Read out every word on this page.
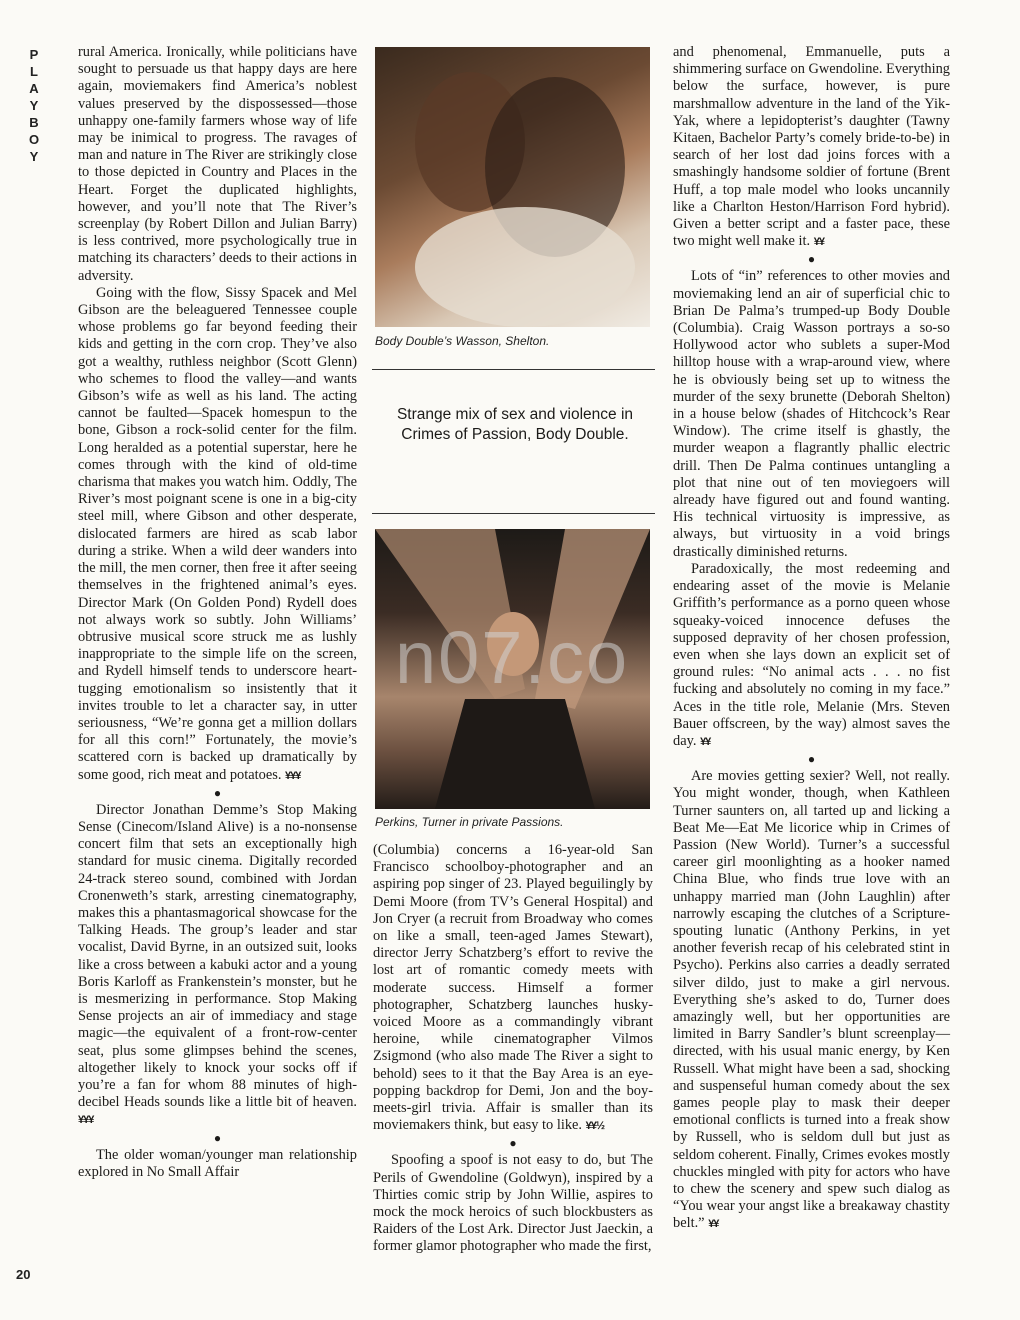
P
L
A
Y
B
O
Y

rural America. Ironically, while politicians have sought to persuade us that happy days are here again, moviemakers find America’s noblest values preserved by the dispossessed—those unhappy one-family farmers whose way of life may be inimical to progress. The ravages of man and nature in The River are strikingly close to those depicted in Country and Places in the Heart. Forget the duplicated highlights, however, and you’ll note that The River’s screenplay (by Robert Dillon and Julian Barry) is less contrived, more psychologically true in matching its characters’ deeds to their actions in adversity.

Going with the flow, Sissy Spacek and Mel Gibson are the beleaguered Tennessee couple whose problems go far beyond feeding their kids and getting in the corn crop. They’ve also got a wealthy, ruthless neighbor (Scott Glenn) who schemes to flood the valley—and wants Gibson’s wife as well as his land. The acting cannot be faulted—Spacek homespun to the bone, Gibson a rock-solid center for the film. Long heralded as a potential superstar, here he comes through with the kind of old-time charisma that makes you watch him. Oddly, The River’s most poignant scene is one in a big-city steel mill, where Gibson and other desperate, dislocated farmers are hired as scab labor during a strike. When a wild deer wanders into the mill, the men corner, then free it after seeing themselves in the frightened animal’s eyes. Director Mark (On Golden Pond) Rydell does not always work so subtly. John Williams’ obtrusive musical score struck me as lushly inappropriate to the simple life on the screen, and Rydell himself tends to underscore heart-tugging emotionalism so insistently that it invites trouble to let a character say, in utter seriousness, “We’re gonna get a million dollars for all this corn!” Fortunately, the movie’s scattered corn is backed up dramatically by some good, rich meat and potatoes. ¥¥¥

●

Director Jonathan Demme’s Stop Making Sense (Cinecom/Island Alive) is a no-nonsense concert film that sets an exceptionally high standard for music cinema. Digitally recorded 24-track stereo sound, combined with Jordan Cronenweth’s stark, arresting cinematography, makes this a phantasmagorical showcase for the Talking Heads. The group’s leader and star vocalist, David Byrne, in an outsized suit, looks like a cross between a kabuki actor and a young Boris Karloff as Frankenstein’s monster, but he is mesmerizing in performance. Stop Making Sense projects an air of immediacy and stage magic—the equivalent of a front-row-center seat, plus some glimpses behind the scenes, altogether likely to knock your socks off if you’re a fan for whom 88 minutes of high-decibel Heads sounds like a little bit of heaven. ¥¥¥

●

The older woman/younger man relationship explored in No Small Affair

Body Double’s Wasson, Shelton.
Strange mix of sex and violence in Crimes of Passion, Body Double.
Perkins, Turner in private Passions.

(Columbia) concerns a 16-year-old San Francisco schoolboy-photographer and an aspiring pop singer of 23. Played beguilingly by Demi Moore (from TV’s General Hospital) and Jon Cryer (a recruit from Broadway who comes on like a small, teen-aged James Stewart), director Jerry Schatzberg’s effort to revive the lost art of romantic comedy meets with moderate success. Himself a former photographer, Schatzberg launches husky-voiced Moore as a commandingly vibrant heroine, while cinematographer Vilmos Zsigmond (who also made The River a sight to behold) sees to it that the Bay Area is an eye-popping backdrop for Demi, Jon and the boy-meets-girl trivia. Affair is smaller than its moviemakers think, but easy to like. ¥¥½

●

Spoofing a spoof is not easy to do, but The Perils of Gwendoline (Goldwyn), inspired by a Thirties comic strip by John Willie, aspires to mock the mock heroics of such blockbusters as Raiders of the Lost Ark. Director Just Jaeckin, a former glamor photographer who made the first,

and phenomenal, Emmanuelle, puts a shimmering surface on Gwendoline. Everything below the surface, however, is pure marshmallow adventure in the land of the Yik-Yak, where a lepidopterist’s daughter (Tawny Kitaen, Bachelor Party’s comely bride-to-be) in search of her lost dad joins forces with a smashingly handsome soldier of fortune (Brent Huff, a top male model who looks uncannily like a Charlton Heston/Harrison Ford hybrid). Given a better script and a faster pace, these two might well make it. ¥¥

●

Lots of “in” references to other movies and moviemaking lend an air of superficial chic to Brian De Palma’s trumped-up Body Double (Columbia). Craig Wasson portrays a so-so Hollywood actor who sublets a super-Mod hilltop house with a wrap-around view, where he is obviously being set up to witness the murder of the sexy brunette (Deborah Shelton) in a house below (shades of Hitchcock’s Rear Window). The crime itself is ghastly, the murder weapon a flagrantly phallic electric drill. Then De Palma continues untangling a plot that nine out of ten moviegoers will already have figured out and found wanting. His technical virtuosity is impressive, as always, but virtuosity in a void brings drastically diminished returns.

Paradoxically, the most redeeming and endearing asset of the movie is Melanie Griffith’s performance as a porno queen whose squeaky-voiced innocence defuses the supposed depravity of her chosen profession, even when she lays down an explicit set of ground rules: “No animal acts . . . no fist fucking and absolutely no coming in my face.” Aces in the title role, Melanie (Mrs. Steven Bauer offscreen, by the way) almost saves the day. ¥¥

●

Are movies getting sexier? Well, not really. You might wonder, though, when Kathleen Turner saunters on, all tarted up and licking a Beat Me—Eat Me licorice whip in Crimes of Passion (New World). Turner’s a successful career girl moonlighting as a hooker named China Blue, who finds true love with an unhappy married man (John Laughlin) after narrowly escaping the clutches of a Scripture-spouting lunatic (Anthony Perkins, in yet another feverish recap of his celebrated stint in Psycho). Perkins also carries a deadly serrated silver dildo, just to make a girl nervous. Everything she’s asked to do, Turner does amazingly well, but her opportunities are limited in Barry Sandler’s blunt screenplay—directed, with his usual manic energy, by Ken Russell. What might have been a sad, shocking and suspenseful human comedy about the sex games people play to mask their deeper emotional conflicts is turned into a freak show by Russell, who is seldom dull but just as seldom coherent. Finally, Crimes evokes mostly chuckles mingled with pity for actors who have to chew the scenery and spew such dialog as “You wear your angst like a breakaway chastity belt.” ¥¥

n07.co
20
